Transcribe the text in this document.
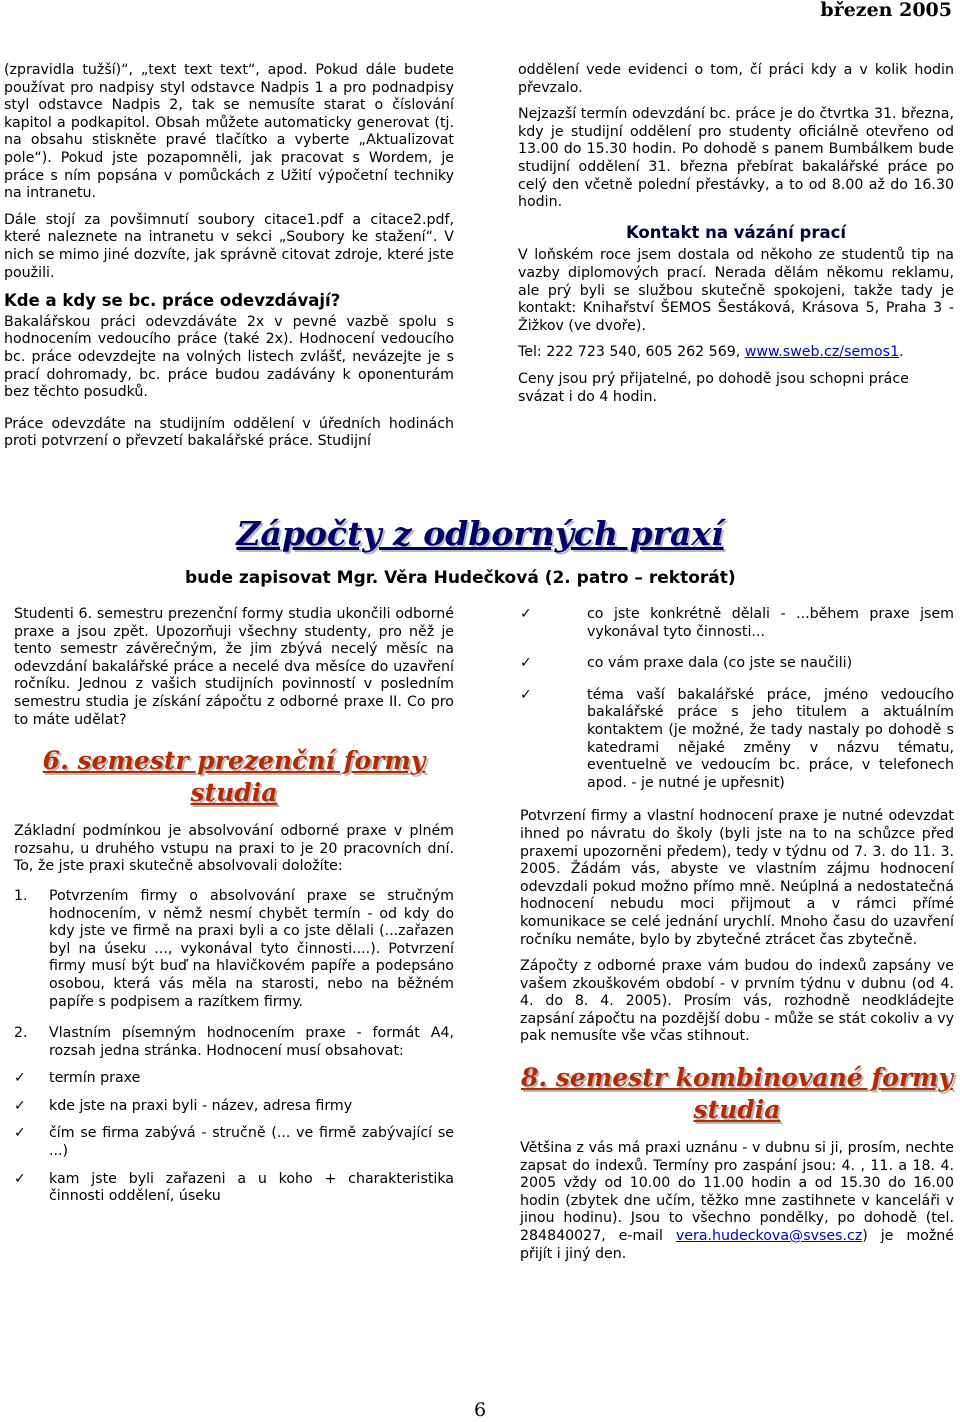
březen 2005

(zpravidla tužší)“, „text text text“, apod. Pokud dále budete používat pro nadpisy styl odstavce Nadpis 1 a pro podnadpisy styl odstavce Nadpis 2, tak se nemusíte starat o číslování kapitol a podkapitol. Obsah můžete automaticky generovat (tj. na obsahu stiskněte pravé tlačítko a vyberte „Aktualizovat pole“). Pokud jste pozapomněli, jak pracovat s Wordem, je práce s ním popsána v pomůckách z Užití výpočetní techniky na intranetu.

Dále stojí za povšimnutí soubory citace1.pdf a citace2.pdf, které naleznete na intranetu v sekci „Soubory ke stažení“. V nich se mimo jiné dozvíte, jak správně citovat zdroje, které jste použili.

Kde a kdy se bc. práce odevzdávají?

Bakalářskou práci odevzdáváte 2x v pevné vazbě spolu s hodnocením vedoucího práce (také 2x). Hodnocení vedoucího bc. práce odevzdejte na volných listech zvlášť, nevázejte je s prací dohromady, bc. práce budou zadávány k oponenturám bez těchto posudků.

Práce odevzdáte na studijním oddělení v úředních hodinách proti potvrzení o převzetí bakalářské práce. Studijní

oddělení vede evidenci o tom, čí práci kdy a v kolik hodin převzalo.

Nejzazší termín odevzdání bc. práce je do čtvrtka 31. března, kdy je studijní oddělení pro studenty oficiálně otevřeno od 13.00 do 15.30 hodin. Po dohodě s panem Bumbálkem bude studijní oddělení 31. března přebírat bakalářské práce po celý den včetně polední přestávky, a to od 8.00 až do 16.30 hodin.

Kontakt na vázání prací

V loňském roce jsem dostala od někoho ze studentů tip na vazby diplomových prací. Nerada dělám někomu reklamu, ale prý byli se službou skutečně spokojeni, takže tady je kontakt: Knihařství ŠEMOS Šestáková, Krásova 5, Praha 3 - Žižkov (ve dvoře).

Tel: 222 723 540, 605 262 569, www.sweb.cz/semos1.

Ceny jsou prý přijatelné, po dohodě jsou schopni práce svázat i do 4 hodin.

Zápočty z odborných praxí
bude zapisovat Mgr. Věra Hudečková (2. patro – rektorát)

Studenti 6. semestru prezenční formy studia ukončili odborné praxe a jsou zpět. Upozorňuji všechny studenty, pro něž je tento semestr závěrečným, že jim zbývá necelý měsíc na odevzdání bakalářské práce a necelé dva měsíce do uzavření ročníku. Jednou z vašich studijních povinností v posledním semestru studia je získání zápočtu z odborné praxe II. Co pro to máte udělat?

6. semestr prezenční formy studia

Základní podmínkou je absolvování odborné praxe v plném rozsahu, u druhého vstupu na praxi to je 20 pracovních dní. To, že jste praxi skutečně absolvovali doložíte:

1. Potvrzením firmy o absolvování praxe se stručným hodnocením, v němž nesmí chybět termín - od kdy do kdy jste ve firmě na praxi byli a co jste dělali (...zařazen byl na úseku ..., vykonával tyto činnosti....). Potvrzení firmy musí být buď na hlavičkovém papíře a podepsáno osobou, která vás měla na starosti, nebo na běžném papíře s podpisem a razítkem firmy.
2. Vlastním písemným hodnocením praxe - formát A4, rozsah jedna stránka. Hodnocení musí obsahovat:
✓ termín praxe
✓ kde jste na praxi byli - název, adresa firmy
✓ čím se firma zabývá - stručně (... ve firmě zabývající se ...)
✓ kam jste byli zařazeni a u koho + charakteristika činnosti oddělení, úseku
✓	co jste konkrétně dělali - ...během praxe jsem vykonával tyto činnosti...
✓	co vám praxe dala (co jste se naučili)
✓	téma vaší bakalářské práce, jméno vedoucího bakalářské práce s jeho titulem a aktuálním kontaktem (je možné, že tady nastaly po dohodě s katedrami nějaké změny v názvu tématu, eventuelně ve vedoucím bc. práce, v telefonech apod. - je nutné je upřesnit)

Potvrzení firmy a vlastní hodnocení praxe je nutné odevzdat ihned po návratu do školy (byli jste na to na schůzce před praxemi upozorněni předem), tedy v týdnu od 7. 3. do 11. 3. 2005. Žádám vás, abyste ve vlastním zájmu hodnocení odevzdali pokud možno přímo mně. Neúplná a nedostatečná hodnocení nebudu moci přijmout a v rámci přímé komunikace se celé jednání urychlí. Mnoho času do uzavření ročníku nemáte, bylo by zbytečné ztrácet čas zbytečně.

Zápočty z odborné praxe vám budou do indexů zapsány ve vašem zkouškovém období - v prvním týdnu v dubnu (od 4. 4. do 8. 4. 2005). Prosím vás, rozhodně neodkládejte zapsání zápočtu na pozdější dobu - může se stát cokoliv a vy pak nemusíte vše včas stihnout.

8. semestr kombinované formy studia

Většina z vás má praxi uznánu - v dubnu si ji, prosím, nechte zapsat do indexů. Termíny pro zaspání jsou: 4. , 11. a 18. 4. 2005 vždy od 10.00 do 11.00 hodin a od 15.30 do 16.00 hodin (zbytek dne učím, těžko mne zastihnete v kanceláři v jinou hodinu). Jsou to všechno pondělky, po dohodě (tel. 284840027, e-mail vera.hudeckova@svses.cz) je možné přijít i jiný den.

6
